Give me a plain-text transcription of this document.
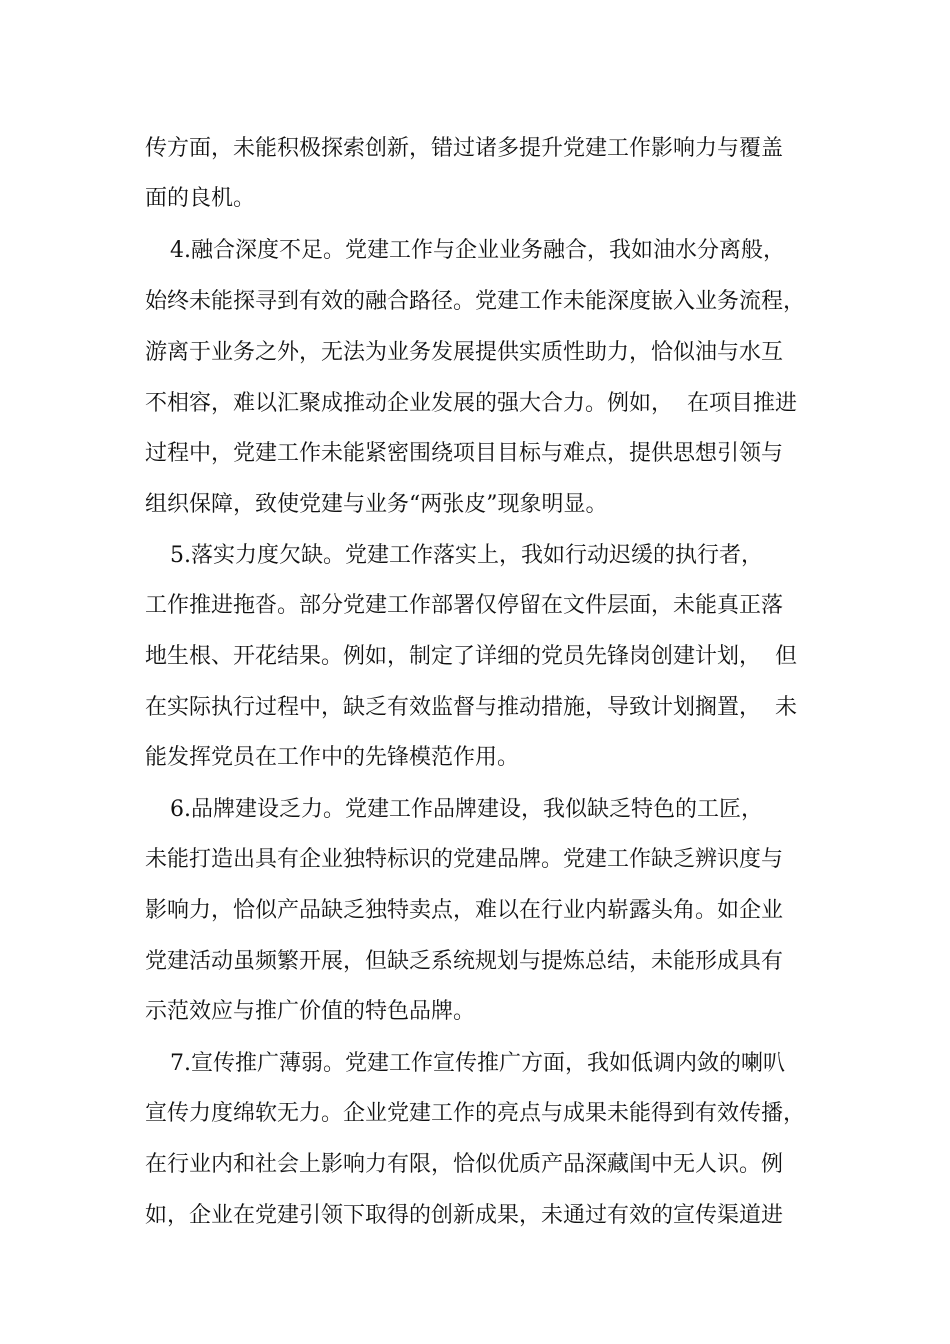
传方面，未能积极探索创新，错过诸多提升党建工作影响力与覆盖
面的良机。
4.融合深度不足。党建工作与企业业务融合，我如油水分离般，
始终未能探寻到有效的融合路径。党建工作未能深度嵌入业务流程，
游离于业务之外，无法为业务发展提供实质性助力，恰似油与水互
不相容，难以汇聚成推动企业发展的强大合力。例如，  在项目推进
过程中，党建工作未能紧密围绕项目目标与难点，提供思想引领与
组织保障，致使党建与业务“两张皮”现象明显。
5.落实力度欠缺。党建工作落实上，我如行动迟缓的执行者，
工作推进拖沓。部分党建工作部署仅停留在文件层面，未能真正落
地生根、开花结果。例如，制定了详细的党员先锋岗创建计划，  但
在实际执行过程中，缺乏有效监督与推动措施，导致计划搁置，  未
能发挥党员在工作中的先锋模范作用。
6.品牌建设乏力。党建工作品牌建设，我似缺乏特色的工匠，
未能打造出具有企业独特标识的党建品牌。党建工作缺乏辨识度与
影响力，恰似产品缺乏独特卖点，难以在行业内崭露头角。如企业
党建活动虽频繁开展，但缺乏系统规划与提炼总结，未能形成具有
示范效应与推广价值的特色品牌。
7.宣传推广薄弱。党建工作宣传推广方面，我如低调内敛的喇叭
宣传力度绵软无力。企业党建工作的亮点与成果未能得到有效传播，
在行业内和社会上影响力有限，恰似优质产品深藏闺中无人识。例
如，企业在党建引领下取得的创新成果，未通过有效的宣传渠道进
